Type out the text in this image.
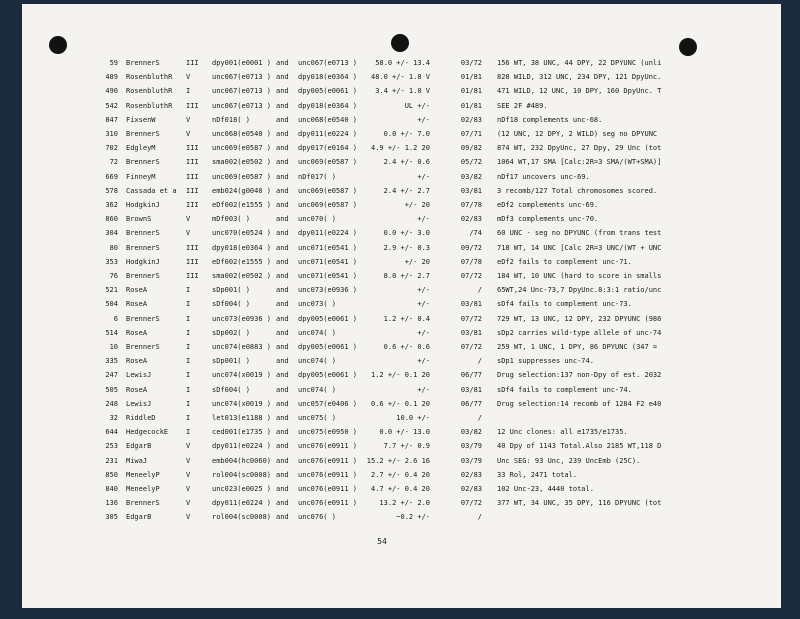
59 BrennerS	III	dpy001(e0001 ) and	unc067(e0713 )	58.0 +/- 13.4	03/72 156 WT, 38 UNC, 44 DPY, 22 DPYUNC (unli
489 RosenbluthR	V	unc067(e0713 ) and	dpy018(e0364 )	48.0 +/- 1.8 V	01/81 828 WILD, 312 UNC, 234 DPY, 121 DpyUnc.
490 RosenbluthR	I	unc067(e0713 ) and	dpy005(e0061 )	3.4 +/- 1.0 V	01/81 471 WILD, 12 UNC, 10 DPY, 160 DpyUnc. T
542 RosenbluthR	III	unc067(e0713 ) and	dpy018(e0364 )	UL +/-	01/81 SEE 2F #489.
847 FixsenW	V	nDf018( )	and	unc068(e0540 )	+/-	02/83 nDf18 complements unc-68.
310 BrennerS	V	unc068(e0540 ) and	dpy011(e0224 )	0.0 +/- 7.0	07/71 (12 UNC, 12 DPY, 2 WILD) seg no DPYUNC
702 EdgleyM	III	unc069(e0587 ) and	dpy017(e0164 )	4.9 +/- 1.2 20	09/82 874 WT, 232 DpyUnc, 27 Dpy, 29 Unc (tot
72 BrennerS	III	sma002(e0502 ) and	unc069(e0587 )	2.4 +/- 0.6	05/72 1064 WT,17 SMA [Calc:2R=3 SMA/(WT+SMA)]
669 FinneyM	III	unc069(e0587 ) and	nDf017( )	+/-	03/82 nDf17 uncovers unc-69.
578 Cassada et a	III	emb024(g0040 ) and	unc069(e0587 )	2.4 +/- 2.7	03/81 3 recomb/127 Total chromosomes scored.
362 HodgkinJ	III	eDf002(e1555 ) and	unc069(e0587 )	+/- 20	07/78 eDf2 complements unc-69.
860 BrownS	V	mDf003( )	and	unc070( )	+/-	02/83 mDf3 complements unc-70.
304 BrennerS	V	unc070(e0524 ) and	dpy011(e0224 )	0.0 +/- 3.0	/74 60 UNC - seg no DPYUNC (from trans test
80 BrennerS	III	dpy018(e0364 ) and	unc071(e0541 )	2.9 +/- 0.3	09/72 718 WT, 14 UNC [Calc 2R=3 UNC/(WT + UNC
353 HodgkinJ	III	eDf002(e1555 ) and	unc071(e0541 )	+/- 20	07/78 eDf2 fails to complement unc-71.
76 BrennerS	III	sma002(e0502 ) and	unc071(e0541 )	8.0 +/- 2.7	07/72 184 WT, 10 UNC (hard to score in smalls
521 RoseA	I	sDp001( )	and	unc073(e0936 )	+/-	/ 65WT,24 Unc-73,7 DpyUnc.8:3:1 ratio/unc
504 RoseA	I	sDf004( )	and	unc073( )	+/-	03/81 sDf4 fails to complement unc-73.
6 BrennerS	I	unc073(e0936 ) and	dpy005(e0061 )	1.2 +/- 0.4	07/72 729 WT, 13 UNC, 12 DPY, 232 DPYUNC (986
514 RoseA	I	sDp002( )	and	unc074( )	+/-	03/81 sDp2 carries wild-type allele of unc-74
10 BrennerS	I	unc074(e0883 ) and	dpy005(e0061 )	0.6 +/- 0.6	07/72 259 WT, 1 UNC, 1 DPY, 86 DPYUNC (347 =
335 RoseA	I	sDp001( )	and	unc074( )	+/-	/ sDp1 suppresses unc-74.
247 LewisJ	I	unc074(x0019 ) and	dpy005(e0061 )	1.2 +/- 0.1 20	06/77 Drug selection:137 non-Dpy of est. 2032
505 RoseA	I	sDf004( )	and	unc074( )	+/-	03/81 sDf4 fails to complement unc-74.
248 LewisJ	I	unc074(x0019 ) and	unc057(e0406 )	0.6 +/- 0.1 20	06/77 Drug selection:14 recomb of 1284 F2 e40
32 RiddleD	I	let013(e1188 ) and	unc075( )	10.0 +/-	/
644 HedgecockE	I	ced001(e1735 ) and	unc075(e0950 )	0.0 +/- 13.0	03/82 12 Unc clones: all e1735/e1735.
253 EdgarB	V	dpy011(e0224 ) and	unc076(e0911 )	7.7 +/- 0.9	03/79 40 Dpy of 1143 Total.Also 2185 WT,118 D
231 MiwaJ	V	emb004(hc0060) and	unc076(e0911 )	15.2 +/- 2.6 16	03/79 Unc SEG: 93 Unc, 239 UncEmb (25C).
850 MeneelyP	V	rol004(sc0008) and	unc076(e0911 )	2.7 +/- 0.4 20	02/83 33 Rol, 2471 total.
840 MeneelyP	V	unc023(e0025 ) and	unc076(e0911 )	4.7 +/- 0.4 20	02/83 102 Unc-23, 4440 total.
136 BrennerS	V	dpy011(e0224 ) and	unc076(e0911 )	13.2 +/- 2.0	07/72 377 WT, 34 UNC, 35 DPY, 116 DPYUNC (tot
305 EdgarB	V	rol004(sc0008) and	unc076( )	~0.2 +/-	/
54
